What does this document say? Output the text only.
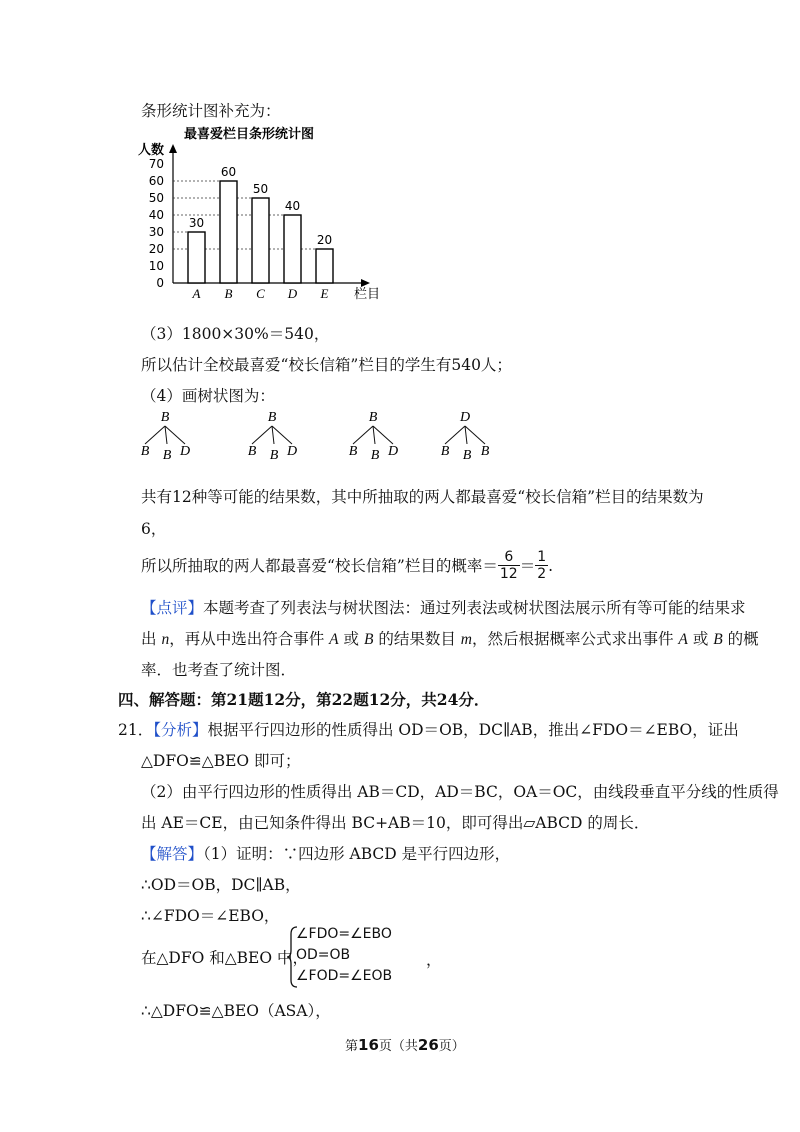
条形统计图补充为：
最喜爱栏目条形统计图
人数
栏目
0
10
20
30
40
50
60
70
30
60
50
40
20
A B C D E
（3）1800×30%＝540，
所以估计全校最喜爱“校长信箱”栏目的学生有540人；
（4）画树状图为：
B
B B D
B
B B D
B
B B D
D
B B B
共有12种等可能的结果数，其中所抽取的两人都最喜爱“校长信箱”栏目的结果数为
6，
所以所抽取的两人都最喜爱“校长信箱”栏目的概率＝ $\frac{6}{12} = \frac{1}{2}$ .
【点评】本题考查了列表法与树状图法：通过列表法或树状图法展示所有等可能的结果求
出 n，再从中选出符合事件 A 或 B 的结果数目 m，然后根据概率公式求出事件 A 或 B 的概
率．也考查了统计图．
四、解答题：第21题12分，第22题12分，共24分．
21．【分析】根据平行四边形的性质得出 OD＝OB，DC∥AB，推出∠FDO＝∠EBO，证出
△DFO≌△BEO 即可；
（2）由平行四边形的性质得出 AB＝CD，AD＝BC，OA＝OC，由线段垂直平分线的性质得
出 AE＝CE，由已知条件得出 BC+AB＝10，即可得出▱ABCD 的周长．
【解答】（1）证明：∵四边形 ABCD 是平行四边形，
∴OD＝OB，DC∥AB，
∴∠FDO＝∠EBO，
在△DFO 和△BEO 中，
∠FDO=∠EBO
OD=OB
∠FOD=∠EOB
，
∴△DFO≌△BEO（ASA），
第16页（共26页）
